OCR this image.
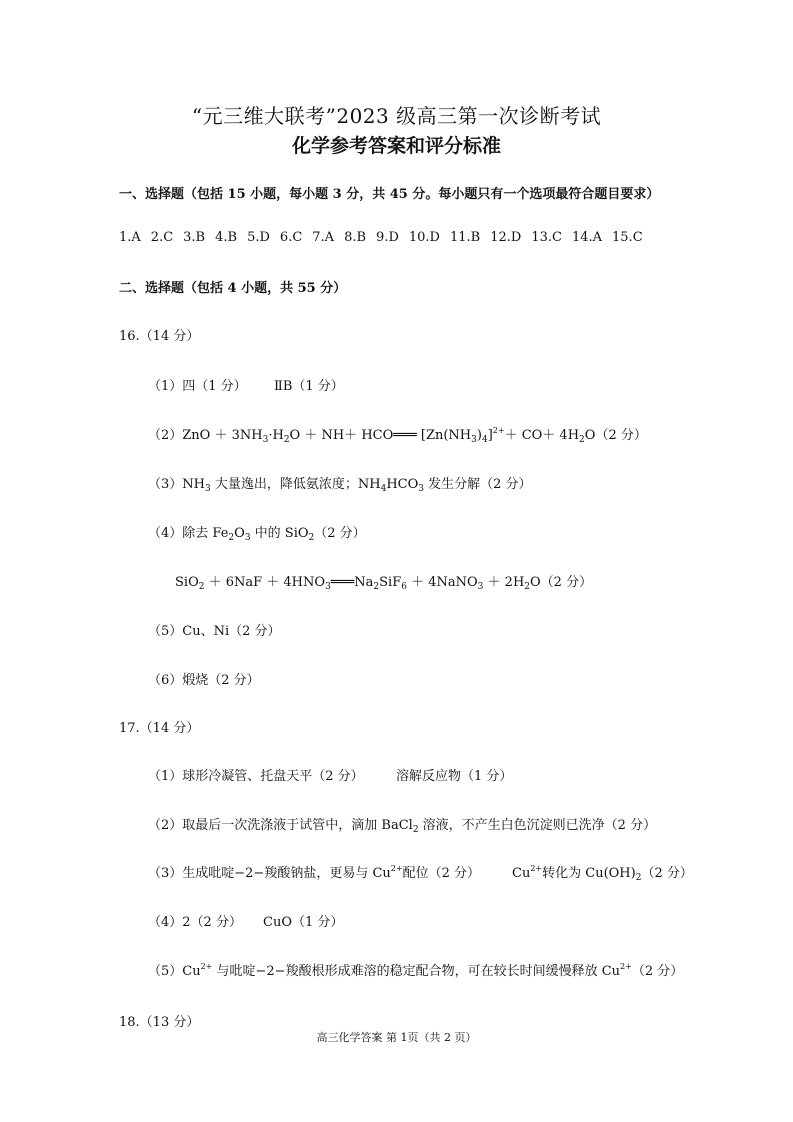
“元三维大联考”2023 级高三第一次诊断考试
化学参考答案和评分标准
一、选择题（包括 15 小题，每小题 3 分，共 45 分。每小题只有一个选项最符合题目要求）
1.A 2.C 3.B 4.B 5.D 6.C 7.A 8.B 9.D 10.D 11.B 12.D 13.C 14.A 15.C
二、选择题（包括 4 小题，共 55 分）
16.（14 分）
（1）四（1 分） ⅡB（1 分）
$(2)ZnO + 3NH_3\cdot H_2O + NH+$ HCO═══ $[Zn(NH_3)_4]^{2+}+ CO+ 4H_2O(2$ 分）
$(3)NH_3$ 大量逸出，降低氨浓度；$NH_4HCO_3$ 发生分解（2 分）
（4）除去 $Fe_2O_3$ 中的 SiO$_2$（2 分）
$SiO_2 + 6NaF + 4HNO_3═══Na_2SiF_6$ ＋ 4NaNO$_3$ ＋ $2H_2O(2$ 分）
（5）Cu、Ni（2 分）
（6）煅烧（2 分）
17.（14 分）
（1）球形冷凝管、托盘天平（2 分） 溶解反应物（1 分）
（2）取最后一次洗涤液于试管中，滴加 BaCl$_2$ 溶液，不产生白色沉淀则已洗净（2 分）
（3）生成吡啶−2−羧酸钠盐，更易与 $Cu^{2+}$配位（2 分） $Cu^{2+}$转化为 $Cu(OH)_2(2$ 分）
（4）2（2 分） CuO（1 分）
$(5)Cu^{2+}$ 与吡啶−2−羧酸根形成难溶的稳定配合物，可在较长时间缓慢释放 $Cu^{2+}(2$ 分）
18.（13 分）
高三化学答案 第 1页（共 2 页）
